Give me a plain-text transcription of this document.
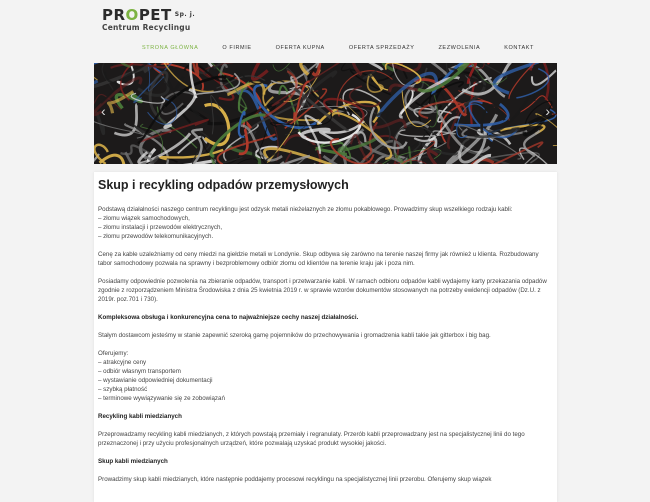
PROPET $^{Sp. j.}$
Centrum Recyclingu
STRONA GŁÓWNA	O FIRMIE	OFERTA KUPNA	OFERTA SPRZEDAŻY	ZEZWOLENIA	KONTAKT
‹	›
Skup i recykling odpadów przemysłowych

Podstawą działalności naszego centrum recyklingu jest odzysk metali nieżelaznych ze złomu pokablowego. Prowadzimy skup wszelkiego rodzaju kabli:
– złomu wiązek samochodowych,
– złomu instalacji i przewodów elektrycznych,
– złomu przewodów telekomunikacyjnych.

Cenę za kable uzależniamy od ceny miedzi na giełdzie metali w Londynie. Skup odbywa się zarówno na terenie naszej firmy jak również u klienta. Rozbudowany tabor samochodowy pozwala na sprawny i bezproblemowy odbiór złomu od klientów na terenie kraju jak i poza nim.

Posiadamy odpowiednie pozwolenia na zbieranie odpadów, transport i przetwarzanie kabli. W ramach odbioru odpadów kabli wydajemy karty przekazania odpadów zgodnie z rozporządzeniem Ministra Środowiska z dnia 25 kwietnia 2019 r. w sprawie wzorów dokumentów stosowanych na potrzeby ewidencji odpadów (Dz.U. z 2019r. poz.701 i 730).

Kompleksowa obsługa i konkurencyjna cena to najważniejsze cechy naszej działalności.

Stałym dostawcom jesteśmy w stanie zapewnić szeroką gamę pojemników do przechowywania i gromadzenia kabli takie jak gitterbox i big bag.

Oferujemy:
– atrakcyjne ceny
– odbiór własnym transportem
– wystawianie odpowiedniej dokumentacji
– szybką płatność
– terminowe wywiązywanie się ze zobowiązań

Recykling kabli miedzianych

Przeprowadzamy recykling kabli miedzianych, z których powstają przemiały i regranulaty. Przerób kabli przeprowadzany jest na specjalistycznej linii do tego przeznaczonej i przy użyciu profesjonalnych urządzeń, które pozwalają uzyskać produkt wysokiej jakości.

Skup kabli miedzianych

Prowadzimy skup kabli miedzianych, które następnie poddajemy procesowi recyklingu na specjalistycznej linii przerobu. Oferujemy skup wiązek
